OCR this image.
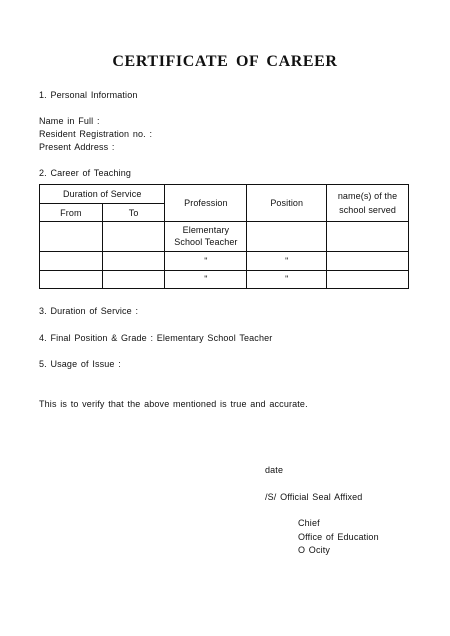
CERTIFICATE OF CAREER
1. Personal Information
Name in Full :
Resident Registration no. :
Present Address :
2. Career of Teaching
Duration of Service		Profession	Position	name(s) of the school served
From	To			
		Elementary School Teacher		
		"	"	
		"	"	
3. Duration of Service :
4. Final Position & Grade : Elementary School Teacher
5. Usage of Issue :
This is to verify that the above mentioned is true and accurate.
date
/S/ Official Seal Affixed
Chief
Office of Education
O Ocity
